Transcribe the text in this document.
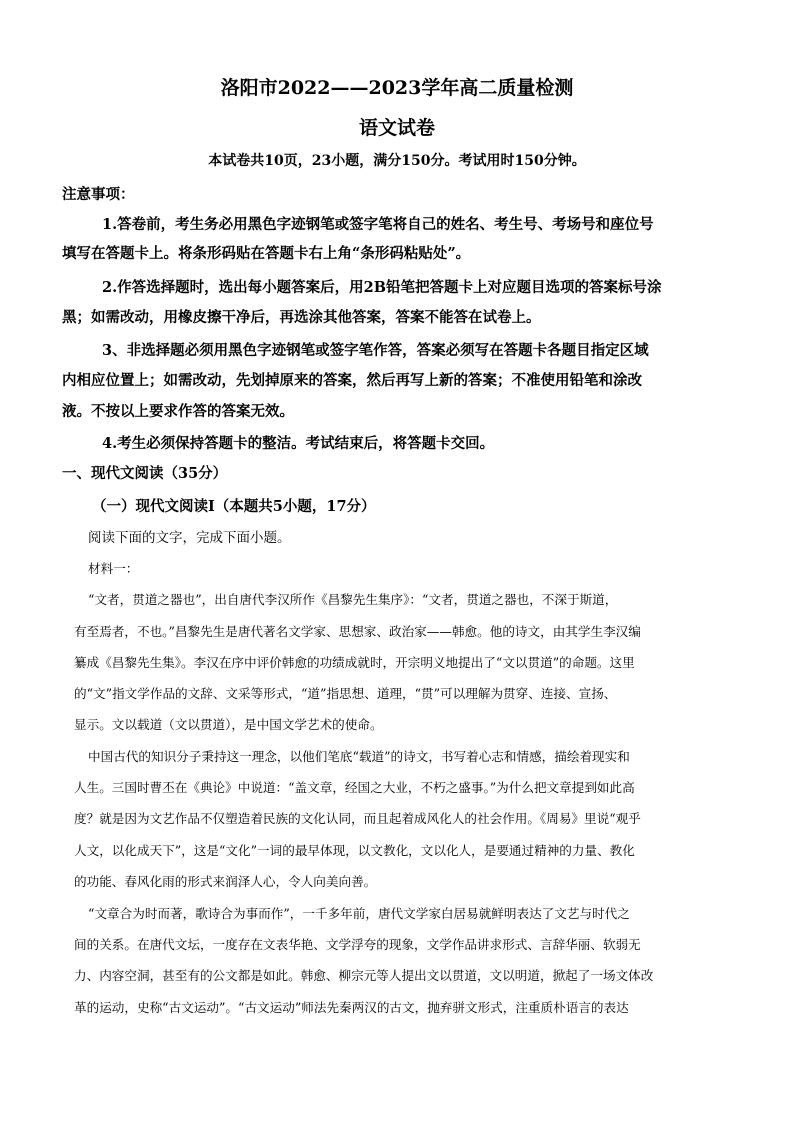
洛阳市2022——2023学年高二质量检测
语文试卷
本试卷共10页，23小题，满分150分。考试用时150分钟。
注意事项：
1.答卷前，考生务必用黑色字迹钢笔或签字笔将自己的姓名、考生号、考场号和座位号
填写在答题卡上。将条形码贴在答题卡右上角“条形码粘贴处”。
2.作答选择题时，选出每小题答案后，用2B铅笔把答题卡上对应题目选项的答案标号涂
黑；如需改动，用橡皮擦干净后，再选涂其他答案，答案不能答在试卷上。
3、非选择题必须用黑色字迹钢笔或签字笔作答，答案必须写在答题卡各题目指定区域
内相应位置上；如需改动，先划掉原来的答案，然后再写上新的答案；不准使用铅笔和涂改
液。不按以上要求作答的答案无效。
4.考生必须保持答题卡的整洁。考试结束后，将答题卡交回。
一、现代文阅读（35分）
（一）现代文阅读Ⅰ（本题共5小题，17分）
阅读下面的文字，完成下面小题。
材料一：
“文者，贯道之器也”，出自唐代李汉所作《昌黎先生集序》：“文者，贯道之器也，不深于斯道，
有至焉者，不也。”昌黎先生是唐代著名文学家、思想家、政治家——韩愈。他的诗文，由其学生李汉编
纂成《昌黎先生集》。李汉在序中评价韩愈的功绩成就时，开宗明义地提出了“文以贯道”的命题。这里
的“文”指文学作品的文辞、文采等形式，“道”指思想、道理，“贯”可以理解为贯穿、连接、宣扬、
显示。文以载道（文以贯道），是中国文学艺术的使命。
中国古代的知识分子秉持这一理念，以他们笔底“载道”的诗文，书写着心志和情感，描绘着现实和
人生。三国时曹丕在《典论》中说道：“盖文章，经国之大业，不朽之盛事。”为什么把文章提到如此高
度？就是因为文艺作品不仅塑造着民族的文化认同，而且起着成风化人的社会作用。《周易》里说“观乎
人文，以化成天下”，这是“文化”一词的最早体现，以文教化，文以化人，是要通过精神的力量、教化
的功能、春风化雨的形式来润泽人心，令人向美向善。
“文章合为时而著，歌诗合为事而作”，一千多年前，唐代文学家白居易就鲜明表达了文艺与时代之
间的关系。在唐代文坛，一度存在文表华艳、文学浮夸的现象，文学作品讲求形式、言辞华丽、软弱无
力、内容空洞，甚至有的公文都是如此。韩愈、柳宗元等人提出文以贯道，文以明道，掀起了一场文体改
革的运动，史称“古文运动”。“古文运动”师法先秦两汉的古文，抛弃骈文形式，注重质朴语言的表达
